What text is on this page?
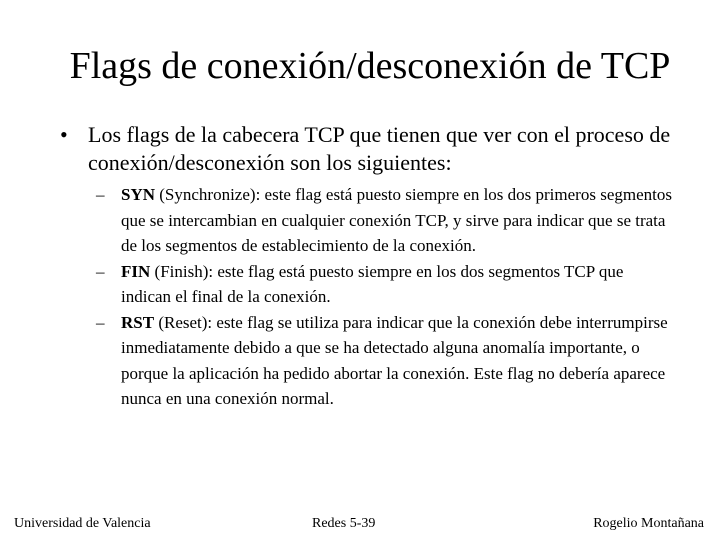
Flags de conexión/desconexión de TCP
• Los flags de la cabecera TCP que tienen que ver con el proceso de conexión/desconexión son los siguientes:
– SYN (Synchronize): este flag está puesto siempre en los dos primeros segmentos que se intercambian en cualquier conexión TCP, y sirve para indicar que se trata de los segmentos de establecimiento de la conexión.
– FIN (Finish): este flag está puesto siempre en los dos segmentos TCP que indican el final de la conexión.
– RST (Reset): este flag se utiliza para indicar que la conexión debe interrumpirse inmediatamente debido a que se ha detectado alguna anomalía importante, o porque la aplicación ha pedido abortar la conexión. Este flag no debería aparece nunca en una conexión normal.
Universidad de Valencia	Redes 5-39	Rogelio Montañana
